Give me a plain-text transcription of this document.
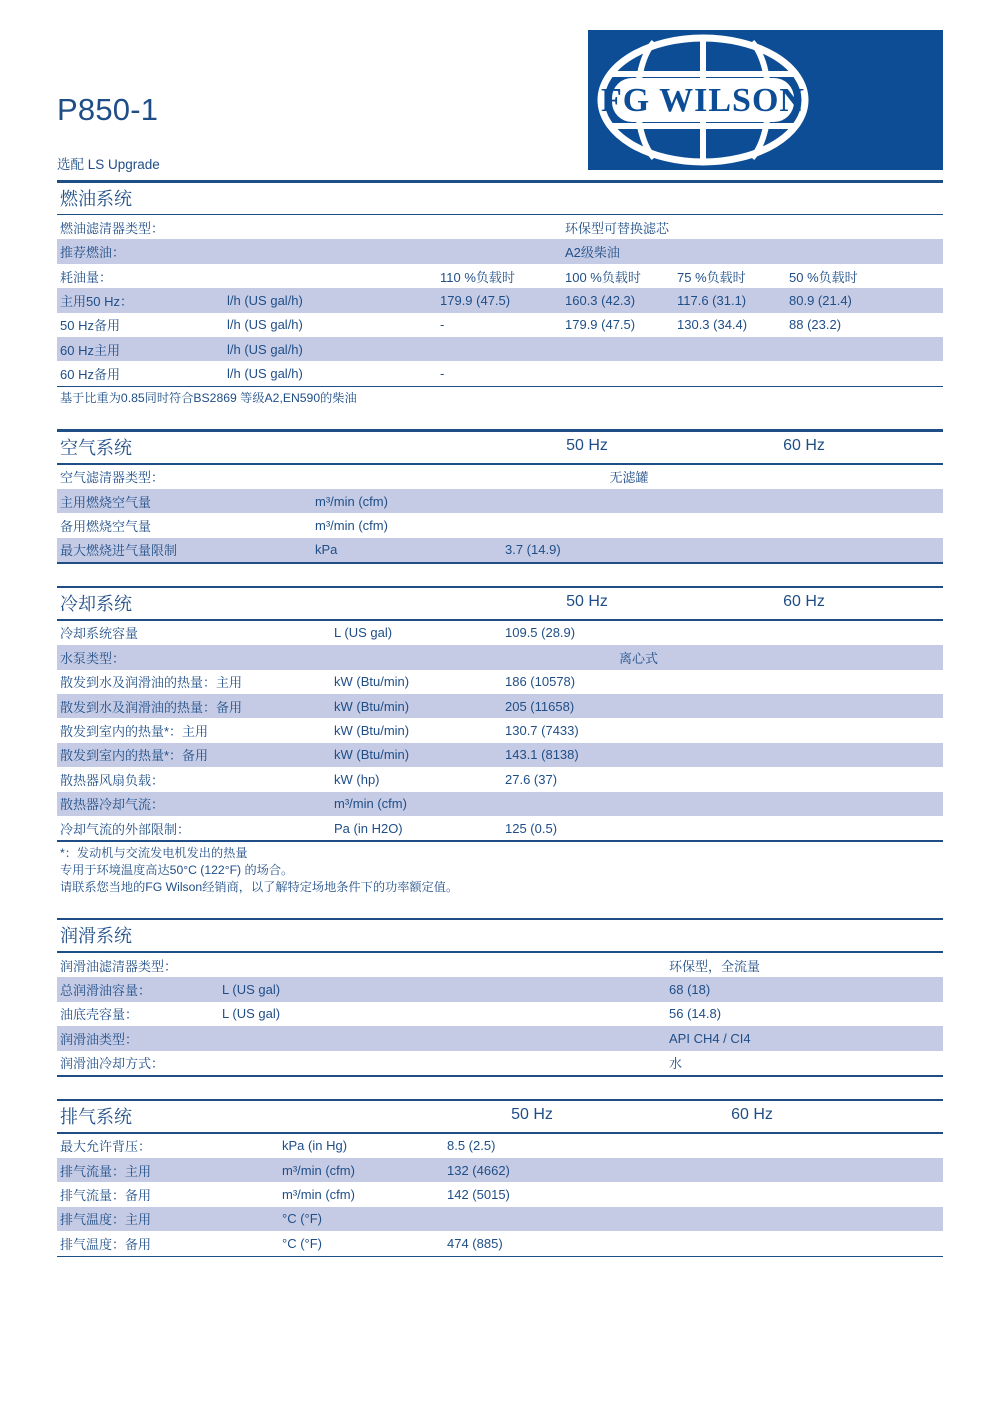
P850-1
选配 LS Upgrade
FG WILSON
燃油系统
燃油滤清器类型：	环保型可替换滤芯
推荐燃油：	A2级柴油
耗油量：	110 %负载时	100 %负载时	75 %负载时	50 %负载时
主用50 Hz：	l/h (US gal/h)	179.9 (47.5)	160.3 (42.3)	117.6 (31.1)	80.9 (21.4)
50 Hz备用	l/h (US gal/h)	-	179.9 (47.5)	130.3 (34.4)	88 (23.2)
60 Hz主用	l/h (US gal/h)
60 Hz备用	l/h (US gal/h)	-
基于比重为0.85同时符合BS2869 等级A2,EN590的柴油
空气系统	50 Hz	60 Hz
空气滤清器类型：	无滤罐
主用燃烧空气量	m³/min (cfm)
备用燃烧空气量	m³/min (cfm)
最大燃烧进气量限制	kPa	3.7 (14.9)
冷却系统	50 Hz	60 Hz
冷却系统容量	L (US gal)	109.5 (28.9)
水泵类型：	离心式
散发到水及润滑油的热量：主用	kW (Btu/min)	186 (10578)
散发到水及润滑油的热量：备用	kW (Btu/min)	205 (11658)
散发到室内的热量*：主用	kW (Btu/min)	130.7 (7433)
散发到室内的热量*：备用	kW (Btu/min)	143.1 (8138)
散热器风扇负载：	kW (hp)	27.6 (37)
散热器冷却气流：	m³/min (cfm)
冷却气流的外部限制：	Pa (in H2O)	125 (0.5)
*：发动机与交流发电机发出的热量
专用于环境温度高达50°C (122°F) 的场合。
请联系您当地的FG Wilson经销商，以了解特定场地条件下的功率额定值。
润滑系统
润滑油滤清器类型：	环保型，全流量
总润滑油容量：	L (US gal)	68 (18)
油底壳容量：	L (US gal)	56 (14.8)
润滑油类型：	API CH4 / CI4
润滑油冷却方式：	水
排气系统	50 Hz	60 Hz
最大允许背压：	kPa (in Hg)	8.5 (2.5)
排气流量：主用	m³/min (cfm)	132 (4662)
排气流量：备用	m³/min (cfm)	142 (5015)
排气温度：主用	°C (°F)
排气温度：备用	°C (°F)	474 (885)
